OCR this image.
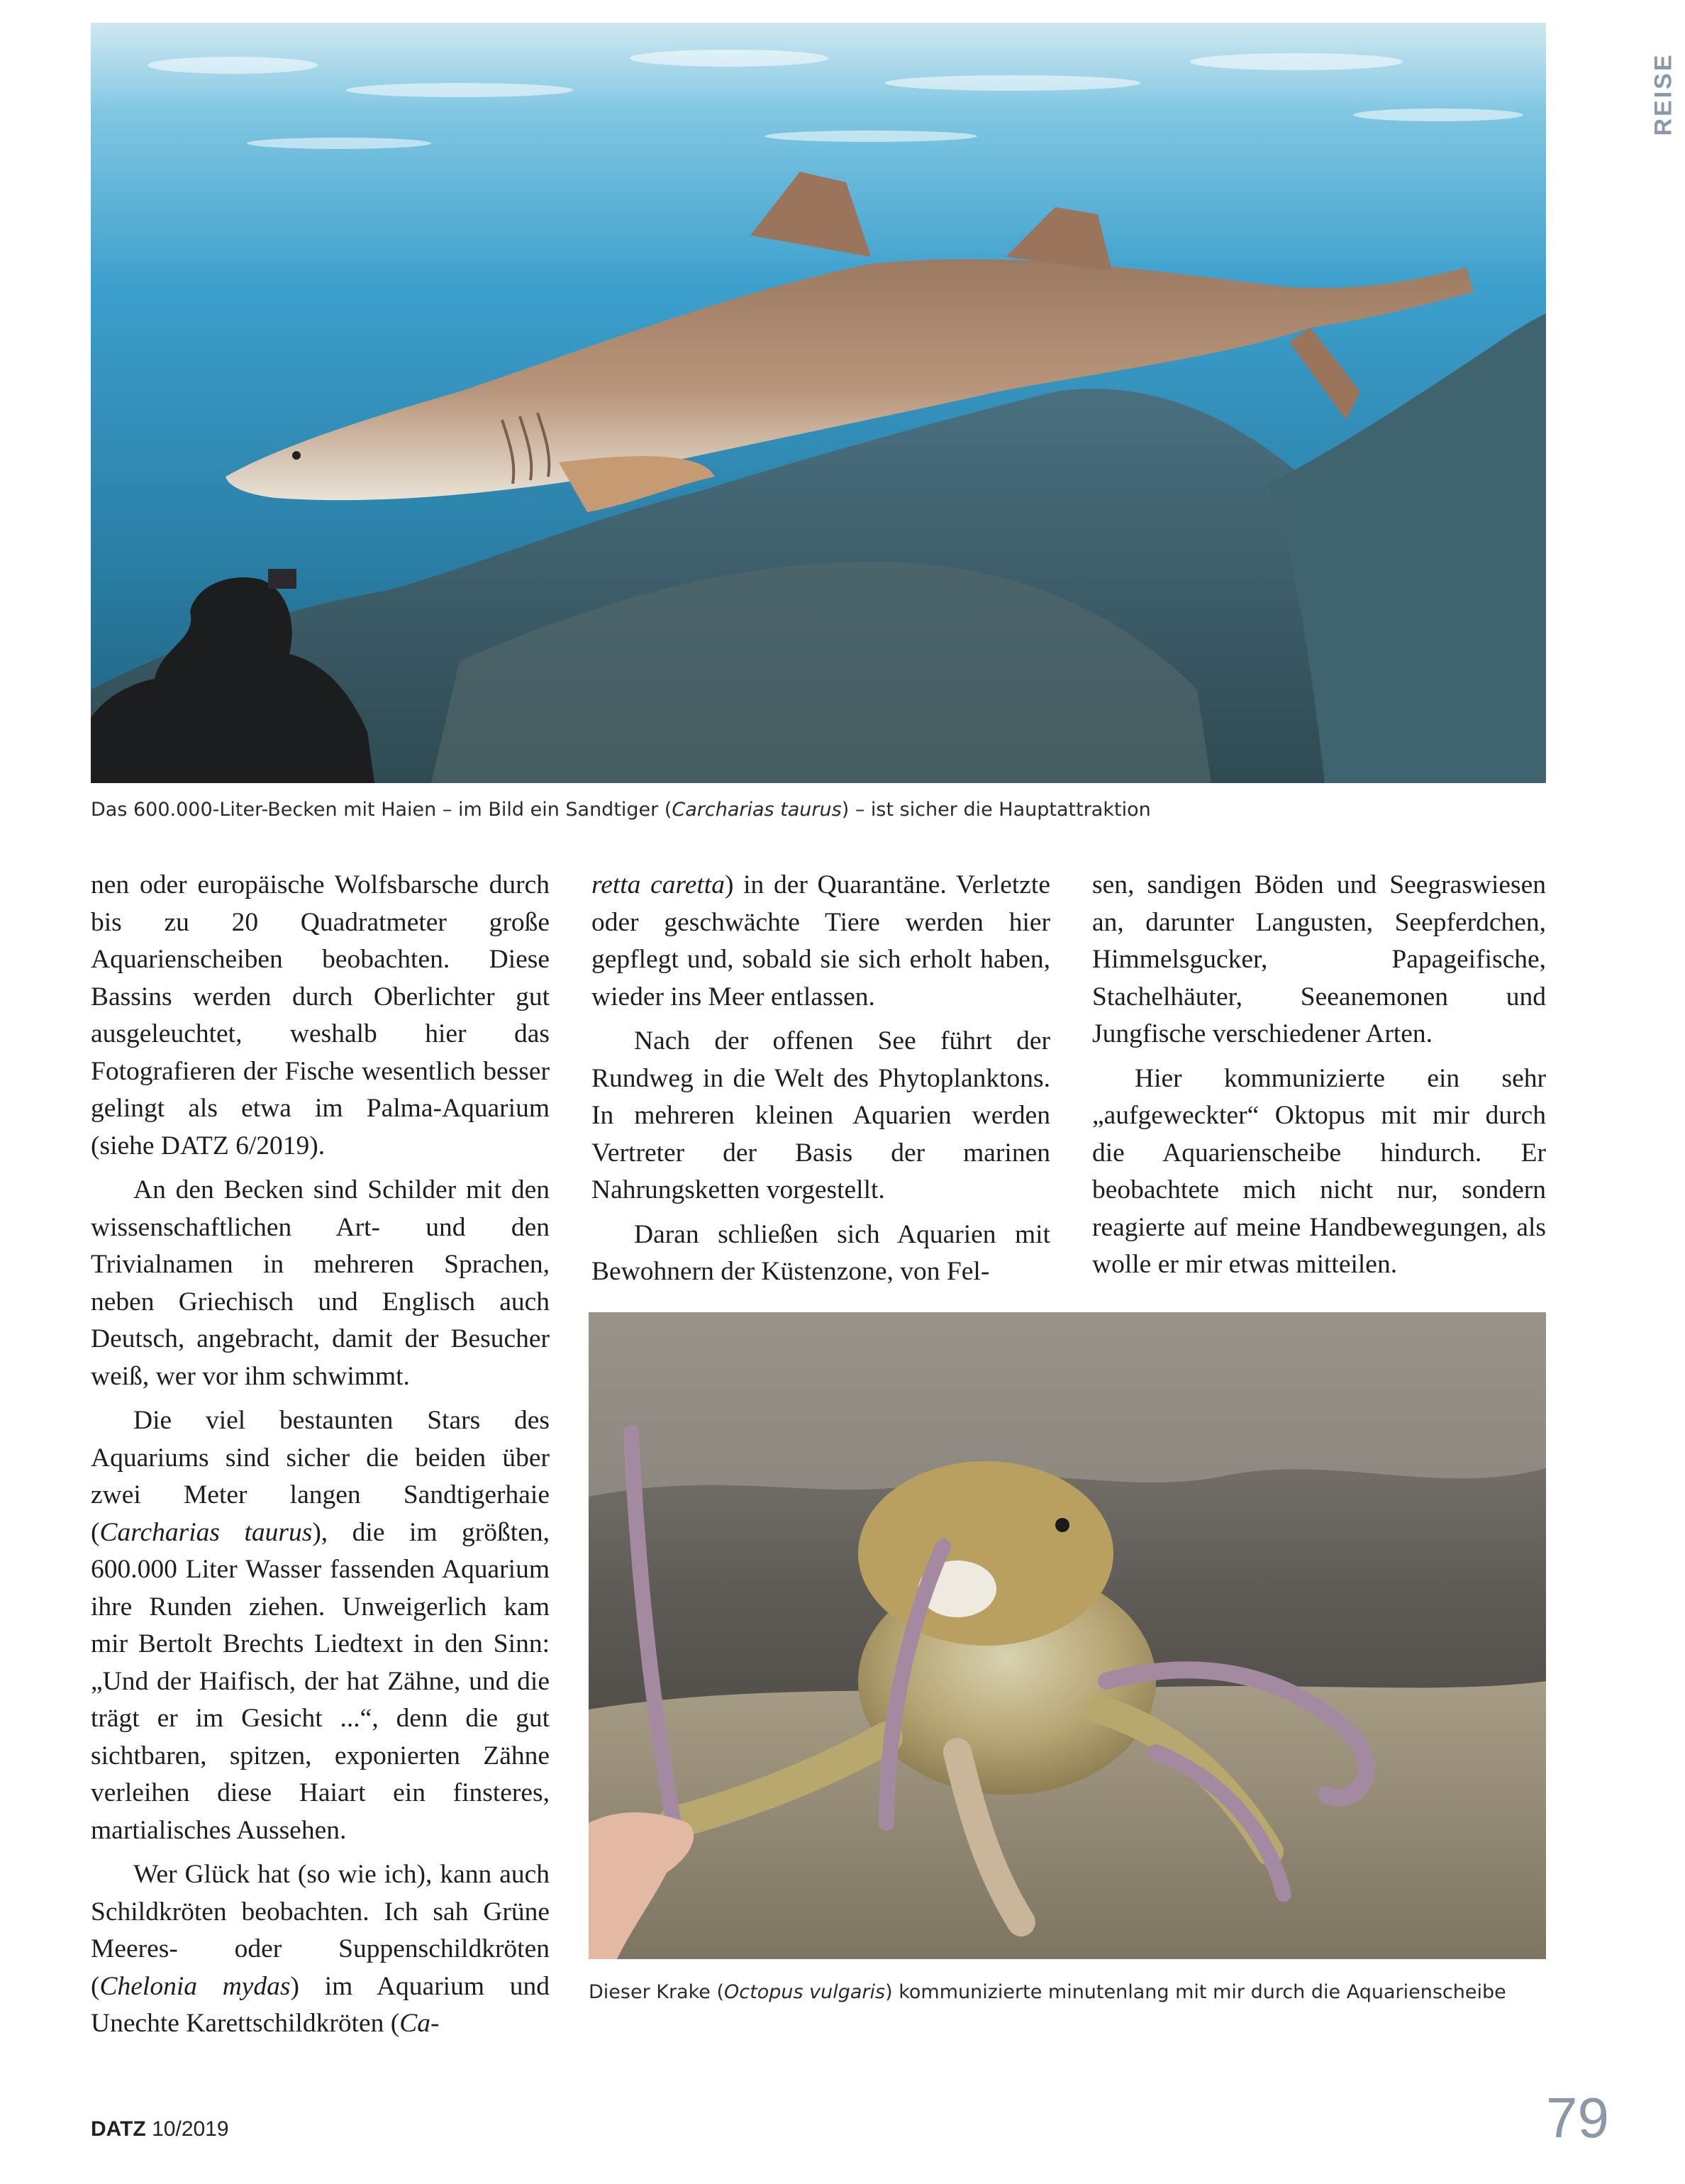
REISE
Das 600.000-Liter-Becken mit Haien – im Bild ein Sandtiger (Carcharias taurus) – ist sicher die Hauptattraktion

nen oder europäische Wolfsbarsche durch bis zu 20 Quadratmeter große Aquarienscheiben beobachten. Diese Bassins werden durch Oberlichter gut ausgeleuchtet, weshalb hier das Fotografieren der Fische wesentlich besser gelingt als etwa im Palma-Aquarium (siehe DATZ 6/2019).

An den Becken sind Schilder mit den wissenschaftlichen Art- und den Trivialnamen in mehreren Sprachen, neben Griechisch und Englisch auch Deutsch, angebracht, damit der Besucher weiß, wer vor ihm schwimmt.

Die viel bestaunten Stars des Aquariums sind sicher die beiden über zwei Meter langen Sandtigerhaie (Carcharias taurus), die im größten, 600.000 Liter Wasser fassenden Aquarium ihre Runden ziehen. Unweigerlich kam mir Bertolt Brechts Liedtext in den Sinn: „Und der Haifisch, der hat Zähne, und die trägt er im Gesicht ...“, denn die gut sichtbaren, spitzen, exponierten Zähne verleihen diese Haiart ein finsteres, martialisches Aussehen.

Wer Glück hat (so wie ich), kann auch Schildkröten beobachten. Ich sah Grüne Meeres- oder Suppenschildkröten (Chelonia mydas) im Aquarium und Unechte Karettschildkröten (Ca-

retta caretta) in der Quarantäne. Verletzte oder geschwächte Tiere werden hier gepflegt und, sobald sie sich erholt haben, wieder ins Meer entlassen.

Nach der offenen See führt der Rundweg in die Welt des Phytoplanktons. In mehreren kleinen Aquarien werden Vertreter der Basis der marinen Nahrungsketten vorgestellt.

Daran schließen sich Aquarien mit Bewohnern der Küstenzone, von Fel-

sen, sandigen Böden und Seegraswiesen an, darunter Langusten, Seepferdchen, Himmelsgucker, Papageifische, Stachelhäuter, Seeanemonen und Jungfische verschiedener Arten.

Hier kommunizierte ein sehr „aufgeweckter“ Oktopus mit mir durch die Aquarienscheibe hindurch. Er beobachtete mich nicht nur, sondern reagierte auf meine Handbewegungen, als wolle er mir etwas mitteilen.

Dieser Krake (Octopus vulgaris) kommunizierte minutenlang mit mir durch die Aquarienscheibe
DATZ 10/2019	79
